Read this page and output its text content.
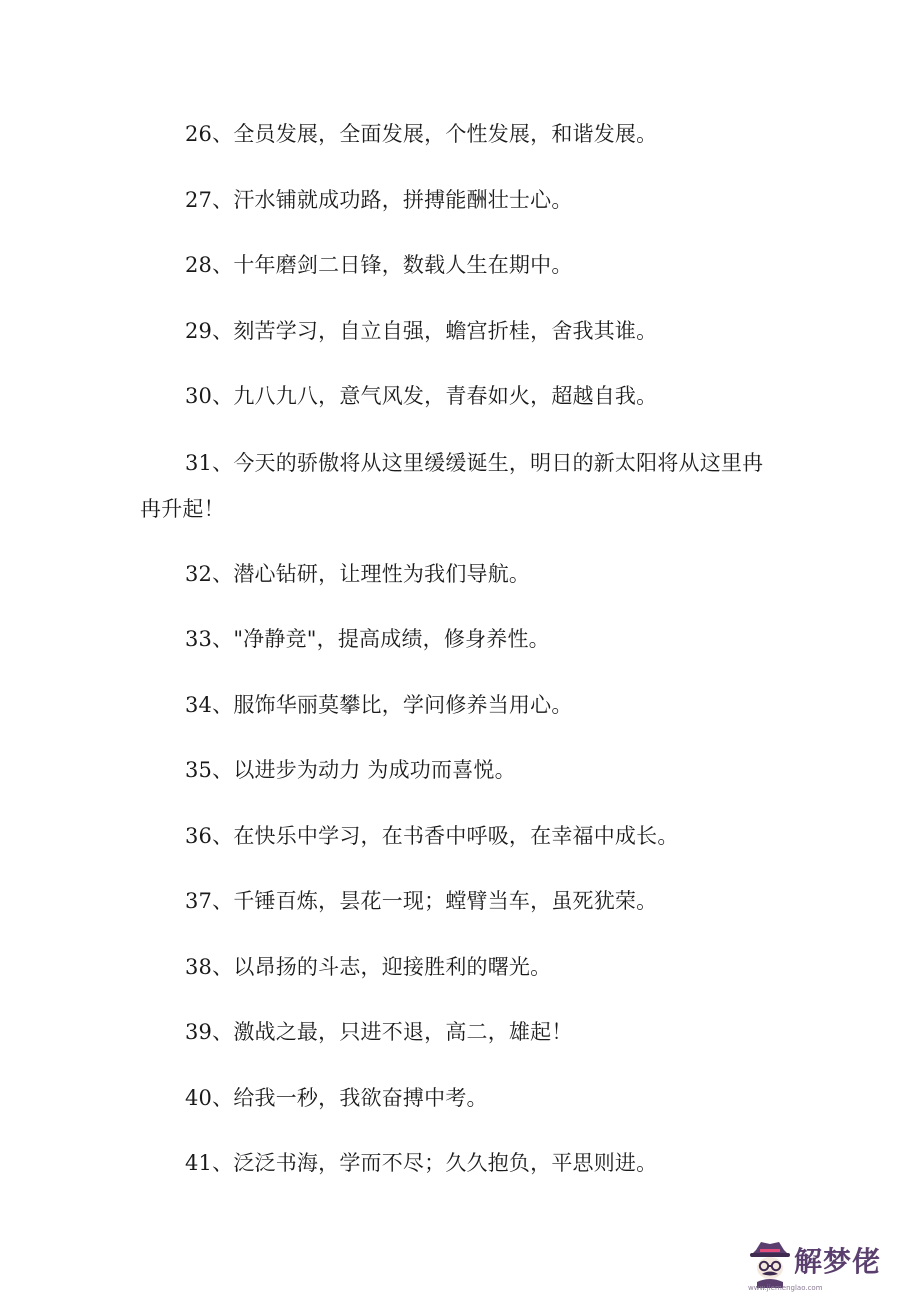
26、全员发展，全面发展，个性发展，和谐发展。

27、汗水铺就成功路，拼搏能酬壮士心。

28、十年磨剑二日锋，数载人生在期中。

29、刻苦学习，自立自强，蟾宫折桂，舍我其谁。

30、九八九八，意气风发，青春如火，超越自我。

31、今天的骄傲将从这里缓缓诞生，明日的新太阳将从这里冉冉升起！

32、潜心钻研，让理性为我们导航。

33、"净静竞"，提高成绩，修身养性。

34、服饰华丽莫攀比，学问修养当用心。

35、以进步为动力 为成功而喜悦。

36、在快乐中学习，在书香中呼吸，在幸福中成长。

37、千锤百炼，昙花一现；螳臂当车，虽死犹荣。

38、以昂扬的斗志，迎接胜利的曙光。

39、激战之最，只进不退，高二，雄起！

40、给我一秒，我欲奋搏中考。

41、泛泛书海，学而不尽；久久抱负，平思则进。

解梦佬
www.jiemenglao.com
